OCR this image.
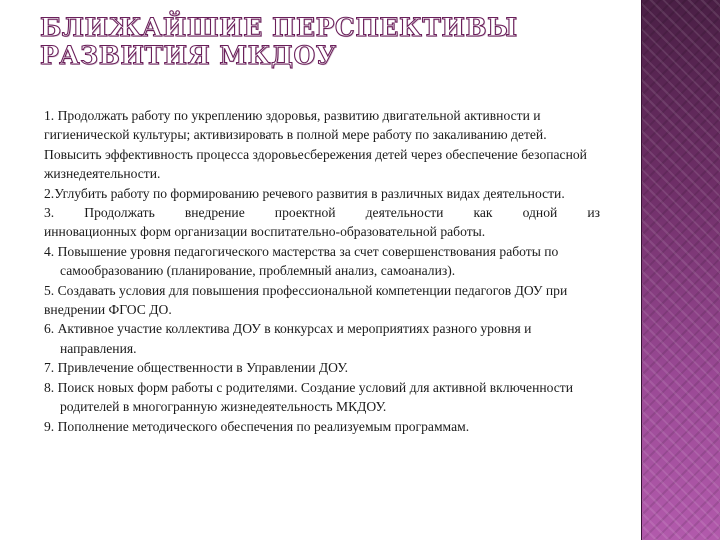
БЛИЖАЙШИЕ ПЕРСПЕКТИВЫ РАЗВИТИЯ МКДОУ

1. Продолжать работу по укреплению здоровья, развитию двигательной активности и гигиенической культуры; активизировать в полной мере работу по закаливанию детей. Повысить эффективность процесса здоровьесбережения детей через обеспечение безопасной жизнедеятельности.

2.Углубить работу по формированию речевого развития в различных видах деятельности.

3. Продолжать внедрение проектной деятельности как одной из

инновационных форм организации воспитательно-образовательной работы.

4. Повышение уровня педагогического мастерства за счет совершенствования работы по самообразованию (планирование, проблемный анализ, самоанализ).

5. Создавать условия для повышения профессиональной компетенции педагогов ДОУ при внедрении ФГОС ДО.

6. Активное участие коллектива ДОУ в конкурсах и мероприятиях разного уровня и направления.

7. Привлечение общественности в Управлении ДОУ.

8. Поиск новых форм работы с родителями. Создание условий для активной включенности родителей в многогранную жизнедеятельность МКДОУ.

9. Пополнение методического обеспечения по реализуемым программам.
